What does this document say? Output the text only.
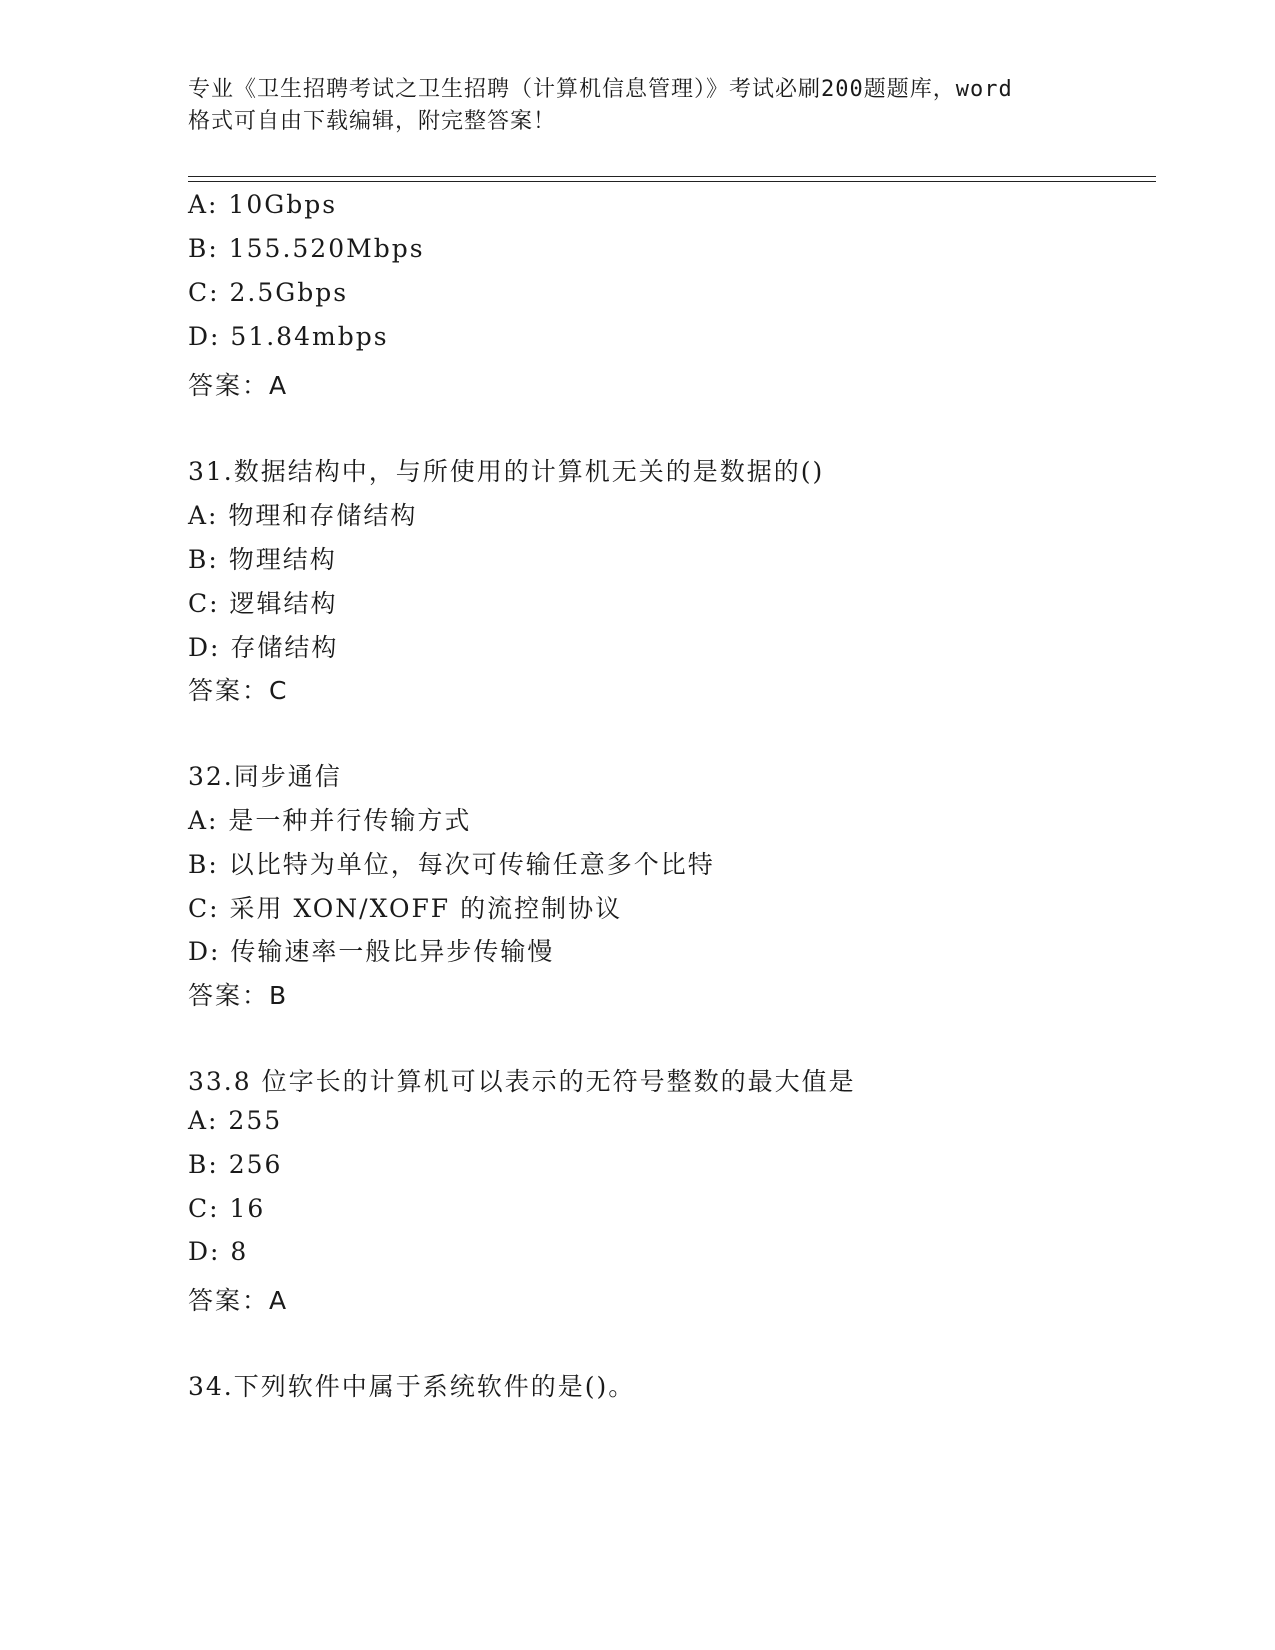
专业《卫生招聘考试之卫生招聘（计算机信息管理）》考试必刷200题题库，word
格式可自由下载编辑，附完整答案！
A: 10Gbps
B: 155.520Mbps
C: 2.5Gbps
D: 51.84mbps
答案：A
31.数据结构中，与所使用的计算机无关的是数据的()
A: 物理和存储结构
B: 物理结构
C: 逻辑结构
D: 存储结构
答案：C
32.同步通信
A: 是一种并行传输方式
B: 以比特为单位，每次可传输任意多个比特
C: 采用 XON/XOFF 的流控制协议
D: 传输速率一般比异步传输慢
答案：B
33.8 位字长的计算机可以表示的无符号整数的最大值是
A: 255
B: 256
C: 16
D: 8
答案：A
34.下列软件中属于系统软件的是()。
